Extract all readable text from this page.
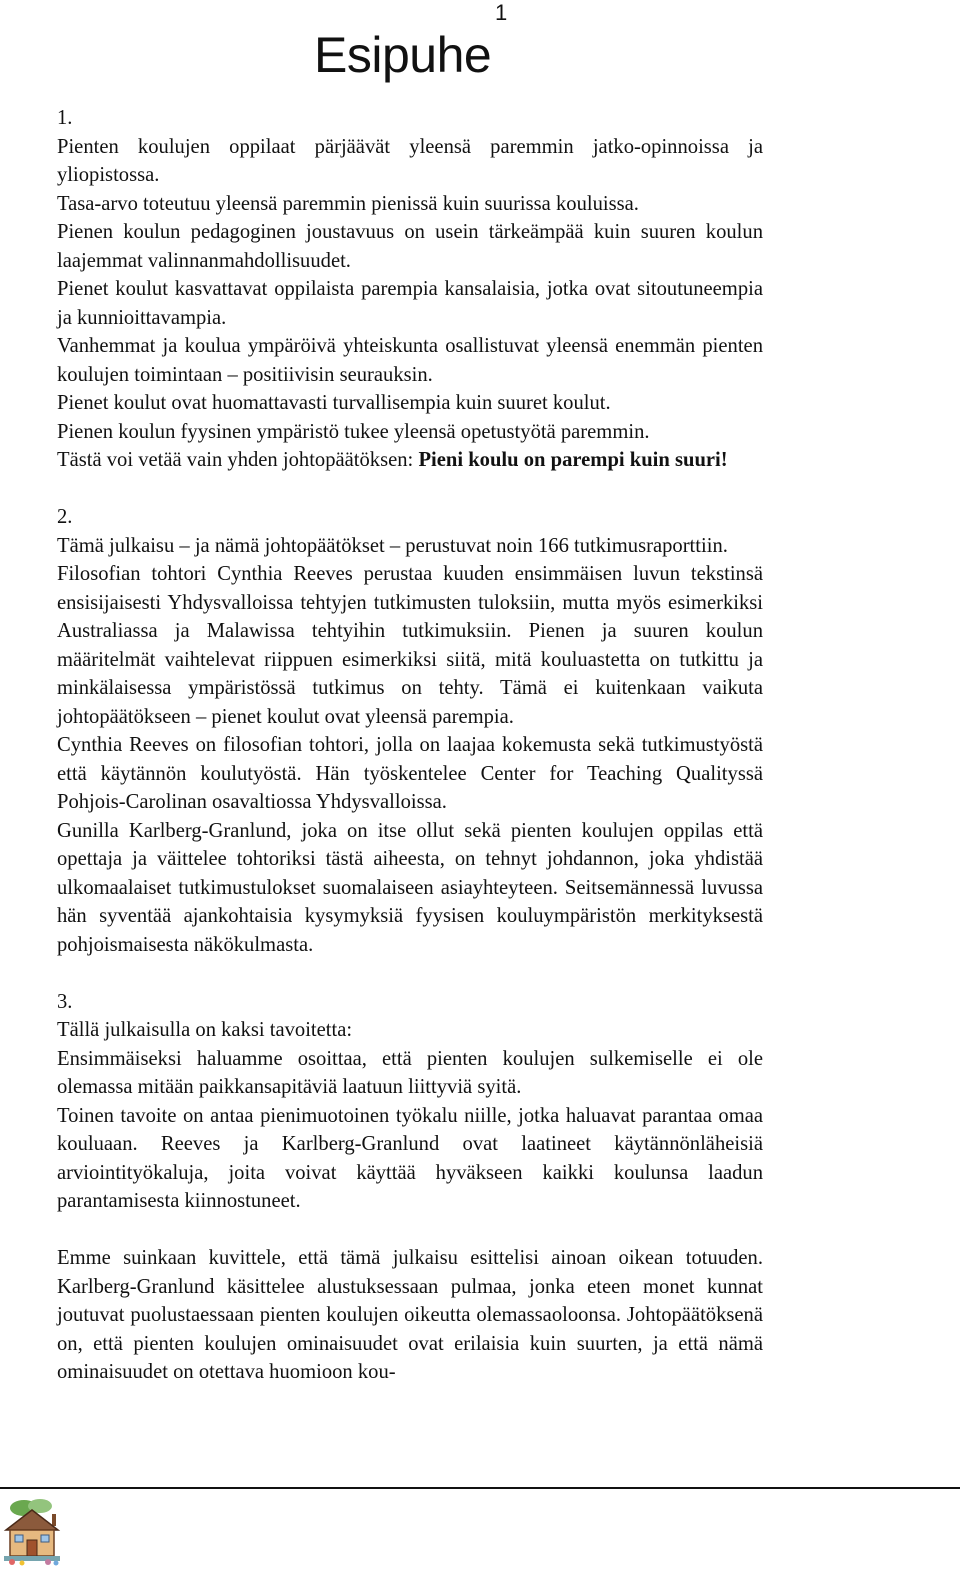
1
Esipuhe

1.

Pienten koulujen oppilaat pärjäävät yleensä paremmin jatko-opinnoissa ja yliopistossa.

Tasa-arvo toteutuu yleensä paremmin pienissä kuin suurissa kouluissa.

Pienen koulun pedagoginen joustavuus on usein tärkeämpää kuin suuren koulun laajemmat valinnanmahdollisuudet.

Pienet koulut kasvattavat oppilaista parempia kansalaisia, jotka ovat sitoutuneempia ja kunnioittavampia.

Vanhemmat ja koulua ympäröivä yhteiskunta osallistuvat yleensä enemmän pienten koulujen toimintaan – positiivisin seurauksin.

Pienet koulut ovat huomattavasti turvallisempia kuin suuret koulut.

Pienen koulun fyysinen ympäristö tukee yleensä opetustyötä paremmin.

Tästä voi vetää vain yhden johtopäätöksen: Pieni koulu on parempi kuin suuri!

2.

Tämä julkaisu – ja nämä johtopäätökset – perustuvat noin 166 tutkimusraporttiin.

Filosofian tohtori Cynthia Reeves perustaa kuuden ensimmäisen luvun tekstinsä ensisijaisesti Yhdysvalloissa tehtyjen tutkimusten tuloksiin, mutta myös esimerkiksi Australiassa ja Malawissa tehtyihin tutkimuksiin. Pienen ja suuren koulun määritelmät vaihtelevat riippuen esimerkiksi siitä, mitä kouluastetta on tutkittu ja minkälaisessa ympäristössä tutkimus on tehty. Tämä ei kuitenkaan vaikuta johtopäätökseen – pienet koulut ovat yleensä parempia.

Cynthia Reeves on filosofian tohtori, jolla on laajaa kokemusta sekä tutkimustyöstä että käytännön koulutyöstä. Hän työskentelee Center for Teaching Qualityssä Pohjois-Carolinan osavaltiossa Yhdysvalloissa.

Gunilla Karlberg-Granlund, joka on itse ollut sekä pienten koulujen oppilas että opettaja ja väittelee tohtoriksi tästä aiheesta, on tehnyt johdannon, joka yhdistää ulkomaalaiset tutkimustulokset suomalaiseen asiayhteyteen. Seitsemännessä luvussa hän syventää ajankohtaisia kysymyksiä fyysisen kouluympäristön merkityksestä pohjoismaisesta näkökulmasta.

3.

Tällä julkaisulla on kaksi tavoitetta:

Ensimmäiseksi haluamme osoittaa, että pienten koulujen sulkemiselle ei ole olemassa mitään paikkansapitäviä laatuun liittyviä syitä.

Toinen tavoite on antaa pienimuotoinen työkalu niille, jotka haluavat parantaa omaa kouluaan. Reeves ja Karlberg-Granlund ovat laatineet käytännönläheisiä arviointityökaluja, joita voivat käyttää hyväkseen kaikki koulunsa laadun parantamisesta kiinnostuneet.

Emme suinkaan kuvittele, että tämä julkaisu esittelisi ainoan oikean totuuden. Karlberg-Granlund käsittelee alustuksessaan pulmaa, jonka eteen monet kunnat joutuvat puolustaessaan pienten koulujen oikeutta olemassaoloonsa. Johtopäätöksenä on, että pienten koulujen ominaisuudet ovat erilaisia kuin suurten, ja että nämä ominaisuudet on otettava huomioon kou-
